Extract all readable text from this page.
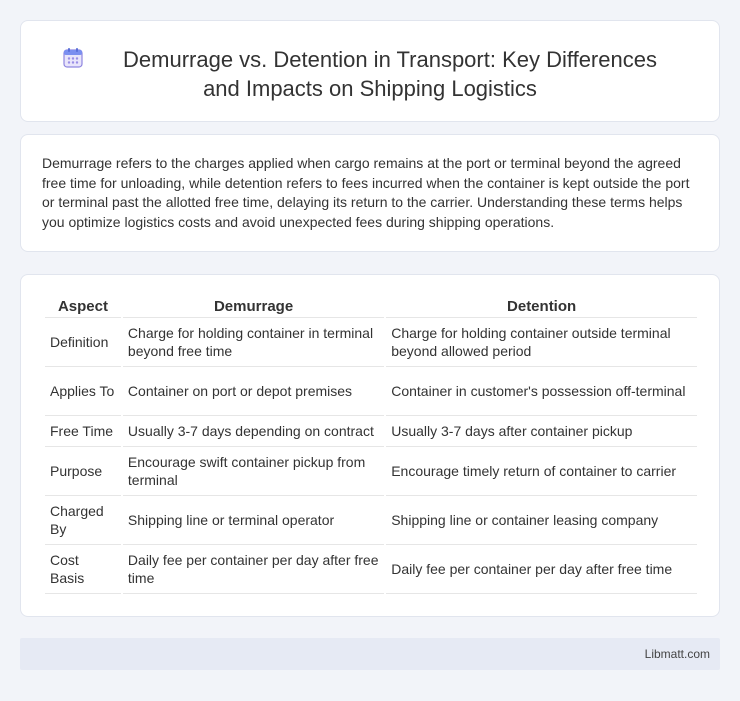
Demurrage vs. Detention in Transport: Key Differences
and Impacts on Shipping Logistics

Demurrage refers to the charges applied when cargo remains at the port or terminal beyond the agreed free time for unloading, while detention refers to fees incurred when the container is kept outside the port or terminal past the allotted free time, delaying its return to the carrier. Understanding these terms helps you optimize logistics costs and avoid unexpected fees during shipping operations.

Aspect	Demurrage	Detention
Definition	Charge for holding container in terminal beyond free time	Charge for holding container outside terminal beyond allowed period
Applies To	Container on port or depot premises	Container in customer's possession off-terminal
Free Time	Usually 3-7 days depending on contract	Usually 3-7 days after container pickup
Purpose	Encourage swift container pickup from terminal	Encourage timely return of container to carrier
Charged By	Shipping line or terminal operator	Shipping line or container leasing company
Cost Basis	Daily fee per container per day after free time	Daily fee per container per day after free time
Libmatt.com
